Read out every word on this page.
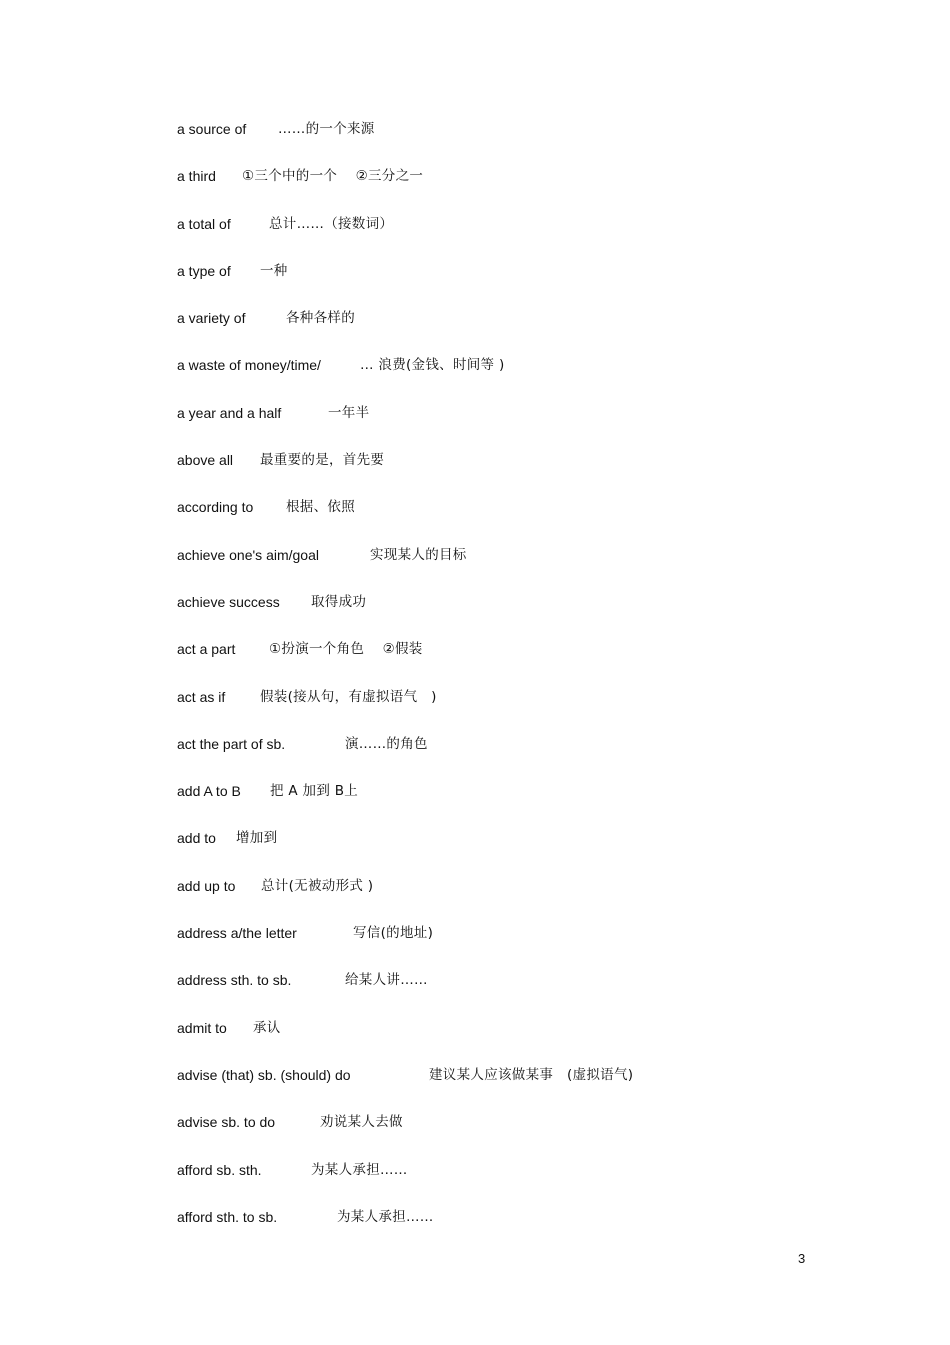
a source of ……的一个来源
a third ①三个中的一个　 ②三分之一
a total of	总计……（接数词）
a type of 一种
a variety of	各种各样的
a waste of money/time/	… 浪费(金钱、时间等 )
a year and a half	一年半
above all 最重要的是，首先要
according to 根据、依照
achieve one's aim/goal	实现某人的目标
achieve success 取得成功
act a part ①扮演一个角色　 ②假装
act as if	假装(接从句，有虚拟语气　)
act the part of sb.	演……的角色
add A to B 把 A 加到 B上
add to 增加到
add up to 总计(无被动形式 )
address a/the letter	写信(的地址)
address sth. to sb.	给某人讲……
admit to 承认
advise (that) sb. (should) do	建议某人应该做某事　(虚拟语气)
advise sb. to do	劝说某人去做
afford sb. sth.	为某人承担……
afford sth. to sb.	为某人承担……
3
